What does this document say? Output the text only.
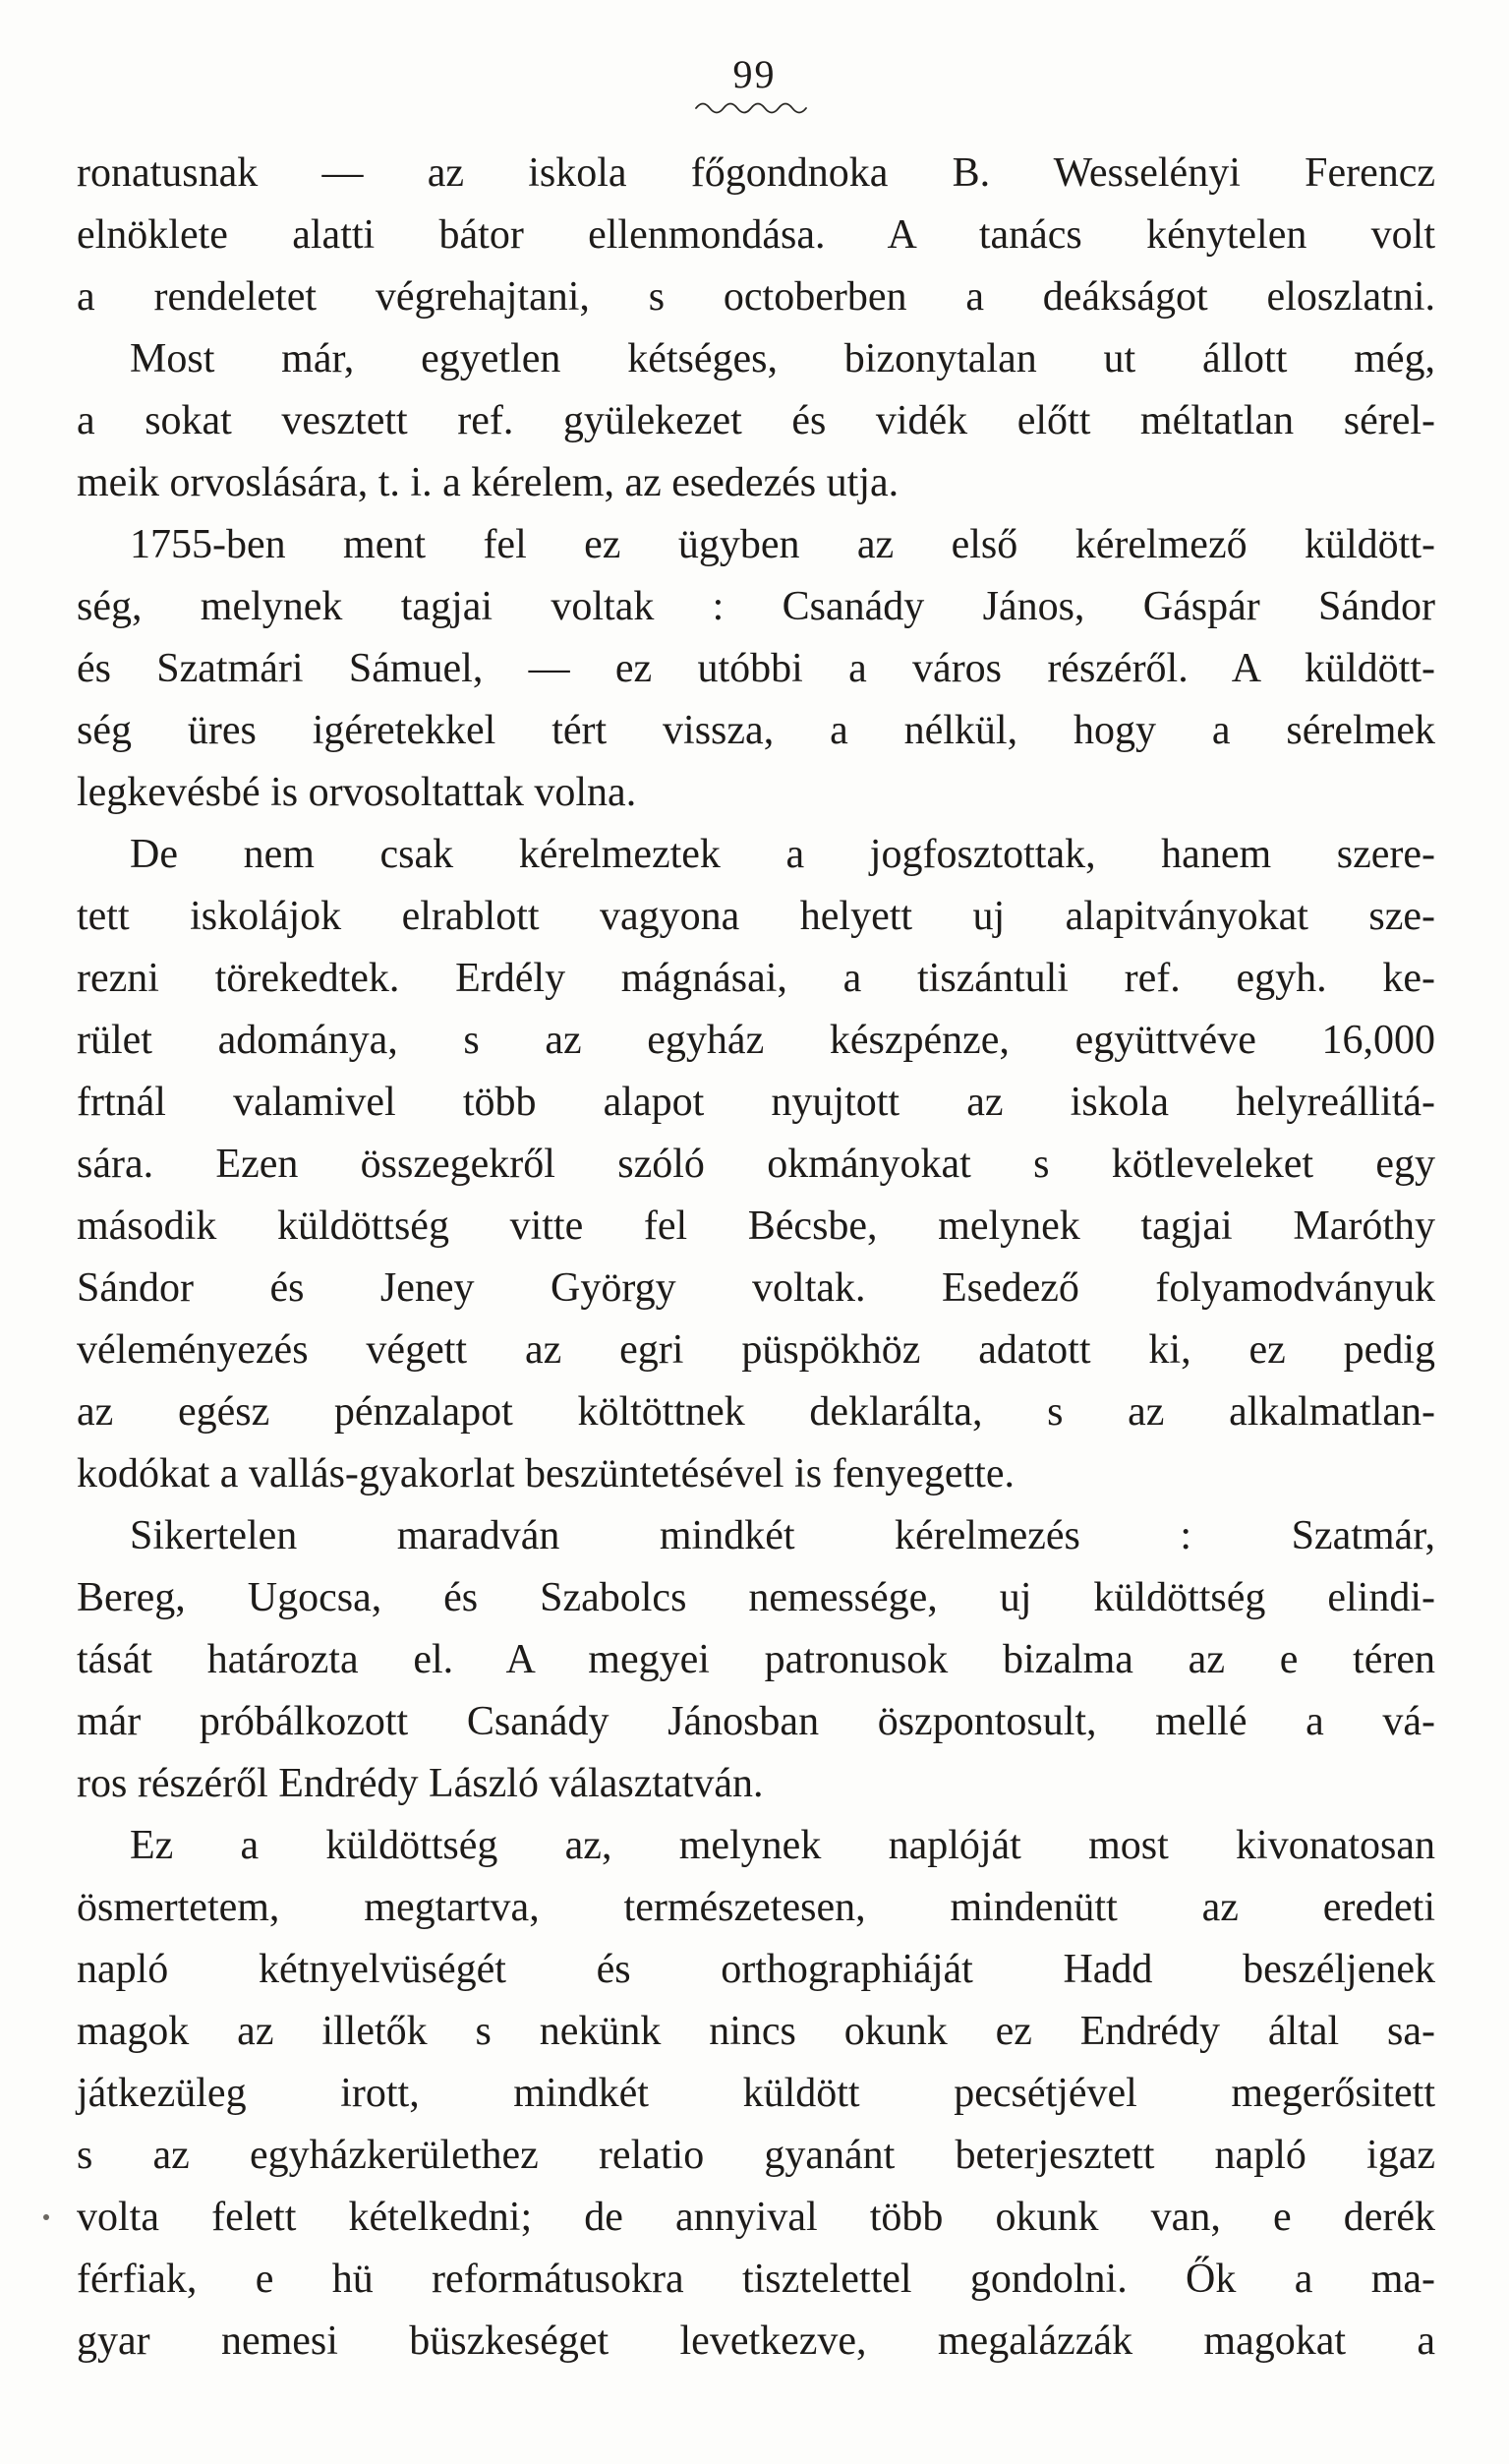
99
ronatusnak — az iskola főgondnoka B. Wesselényi Ferencz
elnöklete alatti bátor ellenmondása. A tanács kénytelen volt
a rendeletet végrehajtani, s octoberben a deákságot eloszlatni.
Most már, egyetlen kétséges, bizonytalan ut állott még,
a sokat vesztett ref. gyülekezet és vidék előtt méltatlan sérel-
meik orvoslására, t. i. a kérelem, az esedezés utja.
1755-ben ment fel ez ügyben az első kérelmező küldött-
ség, melynek tagjai voltak : Csanády János, Gáspár Sándor
és Szatmári Sámuel, — ez utóbbi a város részéről. A küldött-
ség üres igéretekkel tért vissza, a nélkül, hogy a sérelmek
legkevésbé is orvosoltattak volna.
De nem csak kérelmeztek a jogfosztottak, hanem szere-
tett iskolájok elrablott vagyona helyett uj alapitványokat sze-
rezni törekedtek. Erdély mágnásai, a tiszántuli ref. egyh. ke-
rület adománya, s az egyház készpénze, együttvéve 16,000
frtnál valamivel több alapot nyujtott az iskola helyreállitá-
sára. Ezen összegekről szóló okmányokat s kötleveleket egy
második küldöttség vitte fel Bécsbe, melynek tagjai Maróthy
Sándor és Jeney György voltak. Esedező folyamodványuk
véleményezés végett az egri püspökhöz adatott ki, ez pedig
az egész pénzalapot költöttnek deklarálta, s az alkalmatlan-
kodókat a vallás-gyakorlat beszüntetésével is fenyegette.
Sikertelen maradván mindkét kérelmezés : Szatmár,
Bereg, Ugocsa, és Szabolcs nemessége, uj küldöttség elindi-
tását határozta el. A megyei patronusok bizalma az e téren
már próbálkozott Csanády Jánosban öszpontosult, mellé a vá-
ros részéről Endrédy László választatván.
Ez a küldöttség az, melynek naplóját most kivonatosan
ösmertetem, megtartva, természetesen, mindenütt az eredeti
napló kétnyelvüségét és orthographiáját Hadd beszéljenek
magok az illetők s nekünk nincs okunk ez Endrédy által sa-
játkezüleg irott, mindkét küldött pecsétjével megerősitett
s az egyházkerülethez relatio gyanánt beterjesztett napló igaz
volta felett kételkedni; de annyival több okunk van, e derék
férfiak, e hü reformátusokra tisztelettel gondolni. Ők a ma-
gyar nemesi büszkeséget levetkezve, megalázzák magokat a
